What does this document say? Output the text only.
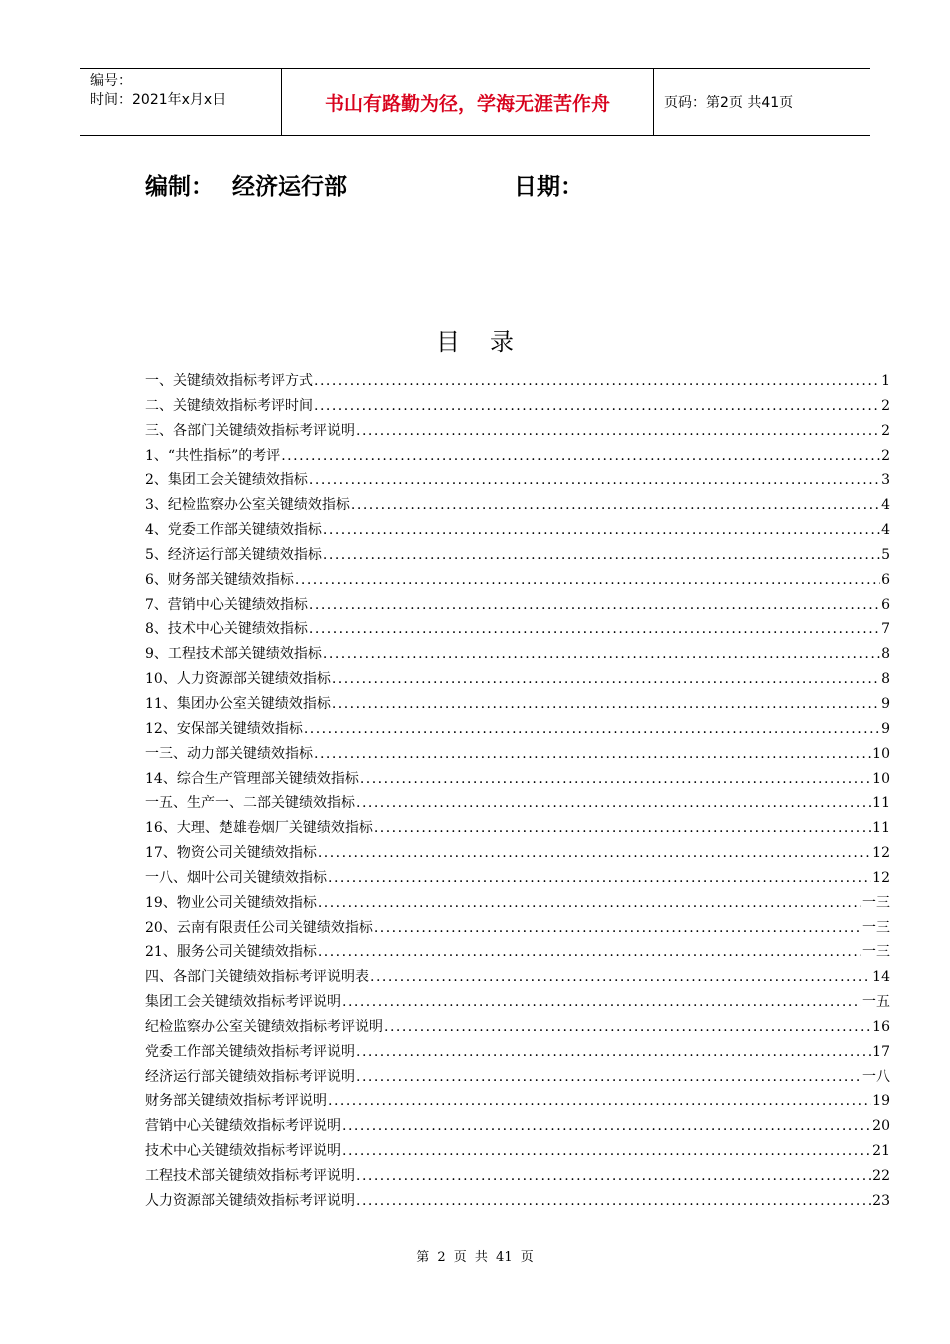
编号：
时间：2021年x月x日	书山有路勤为径，学海无涯苦作舟	页码：第2页 共41页
编制： 经济运行部	日期：
目录
一、关键绩效指标考评方式 .....	1
二、关键绩效指标考评时间 .....	2
三、各部门关键绩效指标考评说明 .....	2
1、“共性指标”的考评 .....	2
2、集团工会关键绩效指标 .....	3
3、纪检监察办公室关键绩效指标 .....	4
4、党委工作部关键绩效指标 .....	4
5、经济运行部关键绩效指标 .....	5
6、财务部关键绩效指标 .....	6
7、营销中心关键绩效指标 .....	6
8、技术中心关键绩效指标 .....	7
9、工程技术部关键绩效指标 .....	8
10、人力资源部关键绩效指标 .....	8
11、集团办公室关键绩效指标 .....	9
12、安保部关键绩效指标 .....	9
一三、动力部关键绩效指标 .....	10
14、综合生产管理部关键绩效指标 .....	10
一五、生产一、二部关键绩效指标 .....	11
16、大理、楚雄卷烟厂关键绩效指标 .....	11
17、物资公司关键绩效指标 .....	12
一八、烟叶公司关键绩效指标 .....	12
19、物业公司关键绩效指标 .....	一三
20、云南有限责任公司关键绩效指标 .....	一三
21、服务公司关键绩效指标 .....	一三
四、各部门关键绩效指标考评说明表 .....	14
集团工会关键绩效指标考评说明 .....	一五
纪检监察办公室关键绩效指标考评说明 .....	16
党委工作部关键绩效指标考评说明 .....	17
经济运行部关键绩效指标考评说明 .....	一八
财务部关键绩效指标考评说明 .....	19
营销中心关键绩效指标考评说明 .....	20
技术中心关键绩效指标考评说明 .....	21
工程技术部关键绩效指标考评说明 .....	22
人力资源部关键绩效指标考评说明 .....	23
第 2 页 共 41 页
